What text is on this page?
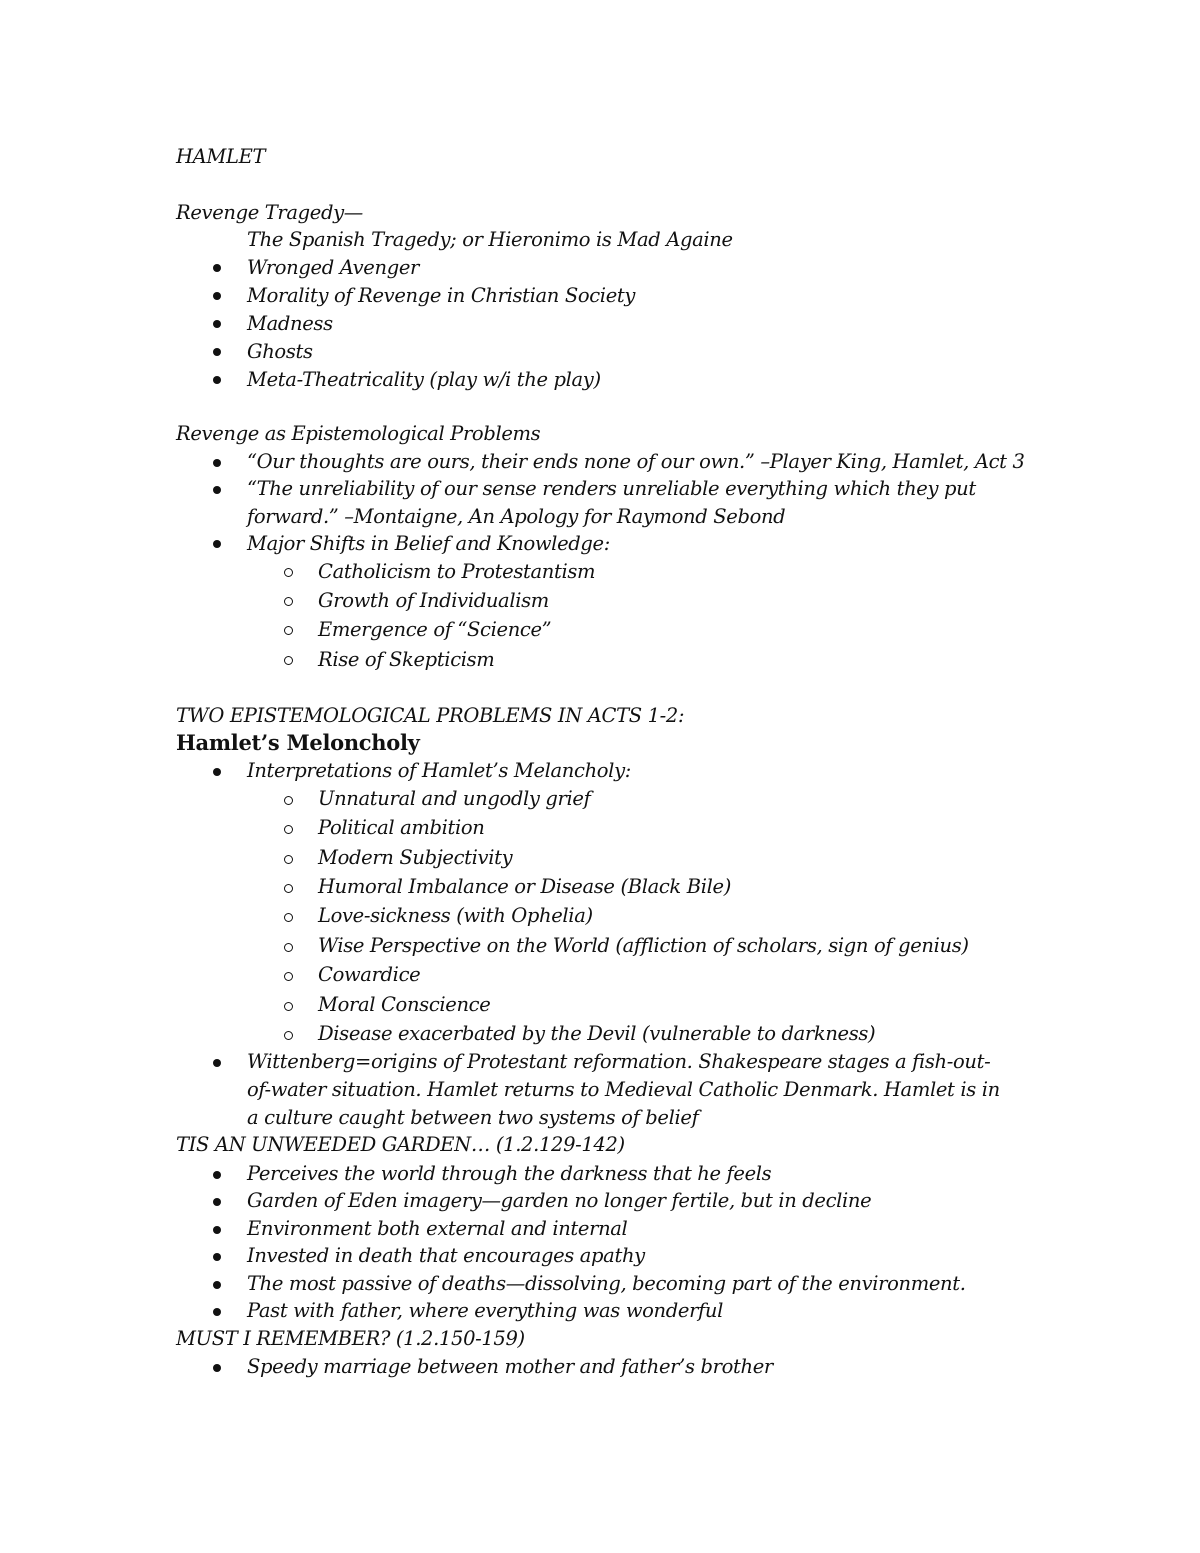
HAMLET
Revenge Tragedy—
The Spanish Tragedy; or Hieronimo is Mad Againe
Wronged Avenger
Morality of Revenge in Christian Society
Madness
Ghosts
Meta-Theatricality (play w/i the play)
Revenge as Epistemological Problems
“Our thoughts are ours, their ends none of our own.” –Player King, Hamlet, Act 3
“The unreliability of our sense renders unreliable everything which they put
forward.” –Montaigne, An Apology for Raymond Sebond
Major Shifts in Belief and Knowledge:
Catholicism to Protestantism
Growth of Individualism
Emergence of “Science”
Rise of Skepticism
TWO EPISTEMOLOGICAL PROBLEMS IN ACTS 1-2:
Hamlet’s Meloncholy
Interpretations of Hamlet’s Melancholy:
Unnatural and ungodly grief
Political ambition
Modern Subjectivity
Humoral Imbalance or Disease (Black Bile)
Love-sickness (with Ophelia)
Wise Perspective on the World (affliction of scholars, sign of genius)
Cowardice
Moral Conscience
Disease exacerbated by the Devil (vulnerable to darkness)
Wittenberg=origins of Protestant reformation. Shakespeare stages a fish-out-
of-water situation. Hamlet returns to Medieval Catholic Denmark. Hamlet is in
a culture caught between two systems of belief
TIS AN UNWEEDED GARDEN… (1.2.129-142)
Perceives the world through the darkness that he feels
Garden of Eden imagery—garden no longer fertile, but in decline
Environment both external and internal
Invested in death that encourages apathy
The most passive of deaths—dissolving, becoming part of the environment.
Past with father, where everything was wonderful
MUST I REMEMBER? (1.2.150-159)
Speedy marriage between mother and father’s brother
